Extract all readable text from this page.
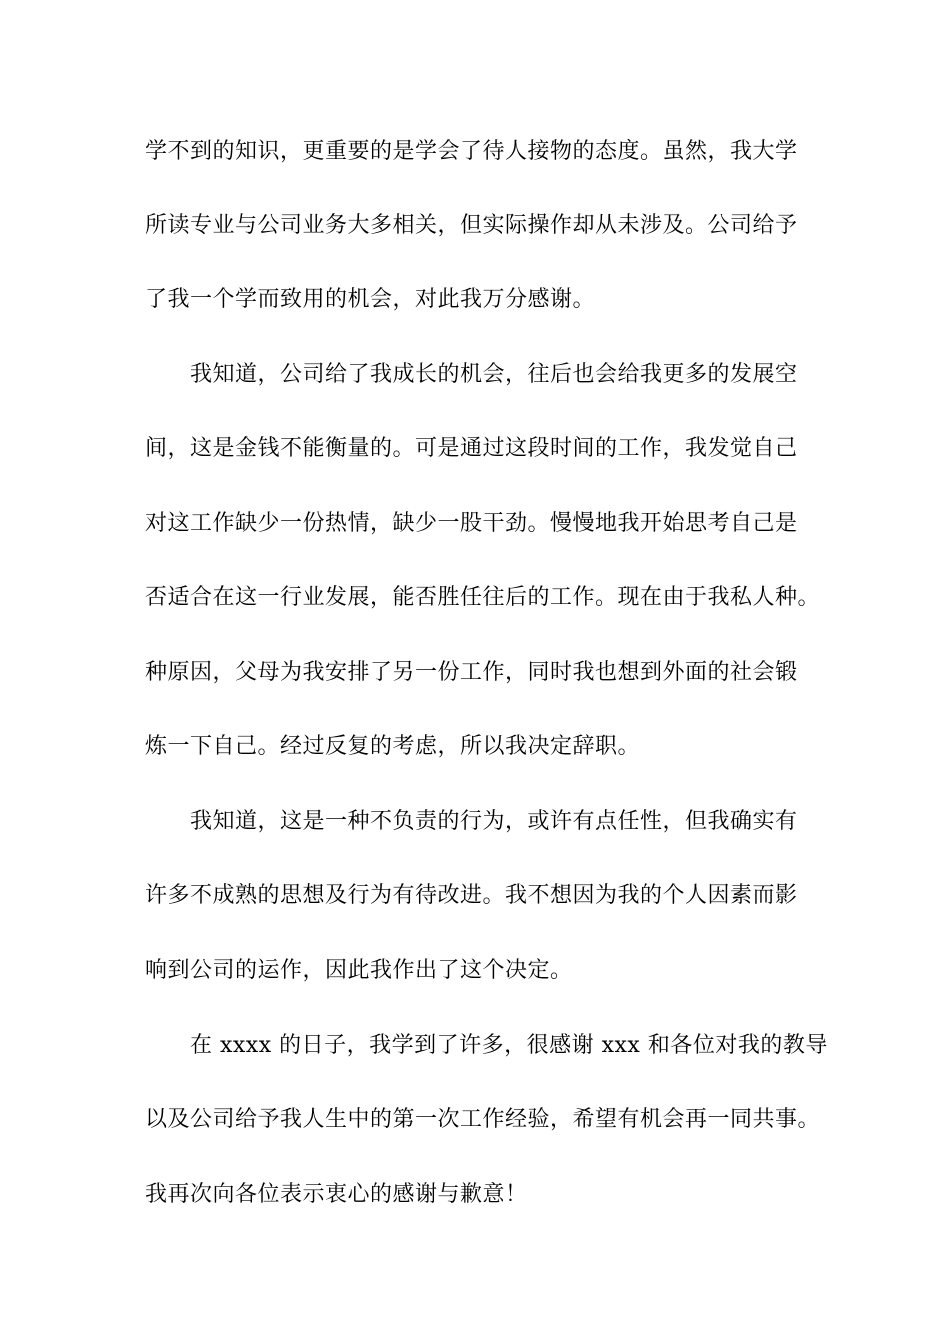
学不到的知识，更重要的是学会了待人接物的态度。虽然，我大学
所读专业与公司业务大多相关，但实际操作却从未涉及。公司给予
了我一个学而致用的机会，对此我万分感谢。
我知道，公司给了我成长的机会，往后也会给我更多的发展空
间，这是金钱不能衡量的。可是通过这段时间的工作，我发觉自己
对这工作缺少一份热情，缺少一股干劲。慢慢地我开始思考自己是
否适合在这一行业发展，能否胜任往后的工作。现在由于我私人种。
种原因，父母为我安排了另一份工作，同时我也想到外面的社会锻
炼一下自己。经过反复的考虑，所以我决定辞职。
我知道，这是一种不负责的行为，或许有点任性，但我确实有
许多不成熟的思想及行为有待改进。我不想因为我的个人因素而影
响到公司的运作，因此我作出了这个决定。
在 xxxx 的日子，我学到了许多，很感谢 xxx 和各位对我的教导
以及公司给予我人生中的第一次工作经验，希望有机会再一同共事。
我再次向各位表示衷心的感谢与歉意！
